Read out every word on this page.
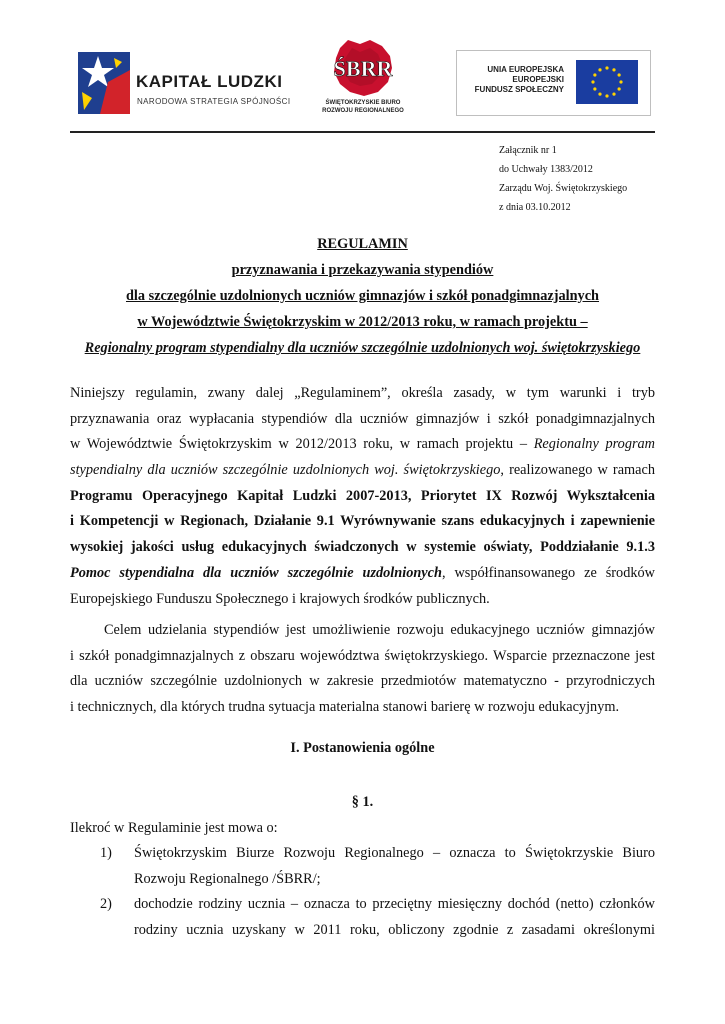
KAPITAŁ LUDZKI
NARODOWA STRATEGIA SPÓJNOŚCI
ŚBRR
ŚWIĘTOKRZYSKIE BIURO
ROZWOJU REGIONALNEGO
UNIA EUROPEJSKA
EUROPEJSKI
FUNDUSZ SPOŁECZNY
Załącznik nr 1
do Uchwały 1383/2012
Zarządu Woj. Świętokrzyskiego
z dnia 03.10.2012
REGULAMIN
przyznawania i przekazywania stypendiów
dla szczególnie uzdolnionych uczniów gimnazjów i szkół ponadgimnazjalnych
w Województwie Świętokrzyskim w 2012/2013 roku, w ramach projektu –
Regionalny program stypendialny dla uczniów szczególnie uzdolnionych woj. świętokrzyskiego
Niniejszy regulamin, zwany dalej „Regulaminem”, określa zasady, w tym warunki i tryb
przyznawania oraz wypłacania stypendiów dla uczniów gimnazjów i szkół ponadgimnazjalnych
w Województwie Świętokrzyskim w 2012/2013 roku, w ramach projektu – Regionalny program
stypendialny dla uczniów szczególnie uzdolnionych woj. świętokrzyskiego, realizowanego w ramach
Programu Operacyjnego Kapitał Ludzki 2007-2013, Priorytet IX Rozwój Wykształcenia
i Kompetencji w Regionach, Działanie 9.1 Wyrównywanie szans edukacyjnych i zapewnienie
wysokiej jakości usług edukacyjnych świadczonych w systemie oświaty, Poddziałanie 9.1.3
Pomoc stypendialna dla uczniów szczególnie uzdolnionych, współfinansowanego ze środków
Europejskiego Funduszu Społecznego i krajowych środków publicznych.
Celem udzielania stypendiów jest umożliwienie rozwoju edukacyjnego uczniów gimnazjów
i szkół ponadgimnazjalnych z obszaru województwa świętokrzyskiego. Wsparcie przeznaczone jest
dla uczniów szczególnie uzdolnionych w zakresie przedmiotów matematyczno - przyrodniczych
i technicznych, dla których trudna sytuacja materialna stanowi barierę w rozwoju edukacyjnym.
I. Postanowienia ogólne
§ 1.
Ilekroć w Regulaminie jest mowa o:
1) Świętokrzyskim Biurze Rozwoju Regionalnego – oznacza to Świętokrzyskie Biuro
Rozwoju Regionalnego /ŚBRR/;
2) dochodzie rodziny ucznia – oznacza to przeciętny miesięczny dochód (netto) członków
rodziny ucznia uzyskany w 2011 roku, obliczony zgodnie z zasadami określonymi
